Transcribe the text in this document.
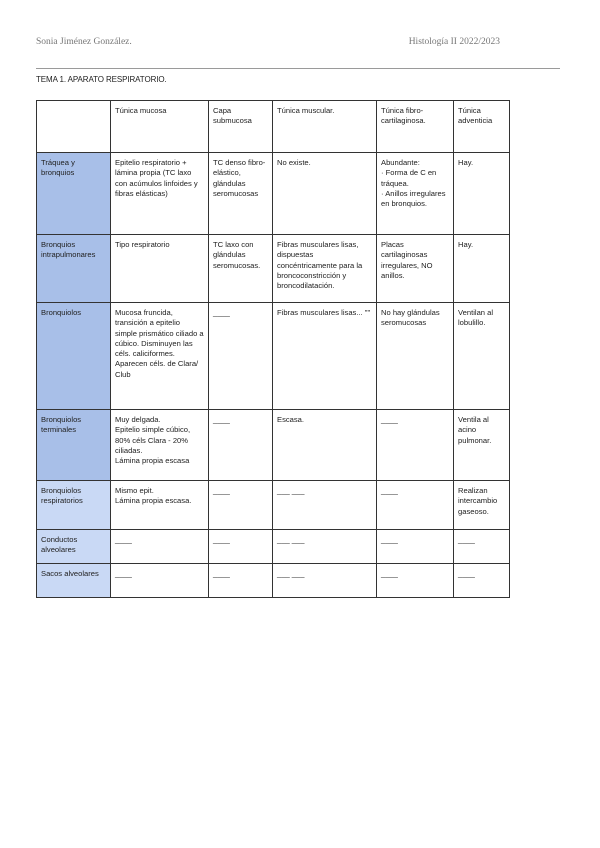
Sonia Jiménez González.	Histología II 2022/2023
TEMA 1. APARATO RESPIRATORIO.
	Túnica mucosa	Capa submucosa	Túnica muscular.	Túnica fibro-cartilaginosa.	Túnica adventicia
Tráquea y bronquios	Epitelio respiratorio + lámina propia (TC laxo con acúmulos linfoides y fibras elásticas)	TC denso fibro-elástico, glándulas seromucosas	No existe.	Abundante:
· Forma de C en tráquea.
· Anillos irregulares en bronquios.	Hay.
Bronquios intrapulmonares	Tipo respiratorio	TC laxo con glándulas seromucosas.	Fibras musculares lisas, dispuestas concéntricamente para la broncoconstricción y broncodilatación.	Placas cartilaginosas irregulares, NO anillos.	Hay.
Bronquiolos	Mucosa fruncida, transición a epitelio simple prismático ciliado a cúbico. Disminuyen las céls. caliciformes. Aparecen céls. de Clara/ Club	____	Fibras musculares lisas... ""	No hay glándulas seromucosas	Ventilan al lobulillo.
Bronquiolos terminales	Muy delgada.
Epitelio simple cúbico, 80% céls Clara - 20% ciliadas.
Lámina propia escasa	____	Escasa.	____	Ventila al acino pulmonar.
Bronquiolos respiratorios	Mismo epit.
Lámina propia escasa.	____	___ ___	____	Realizan intercambio gaseoso.
Conductos alveolares	____	____	___ ___	____	____
Sacos alveolares	____	____	___ ___	____	____
